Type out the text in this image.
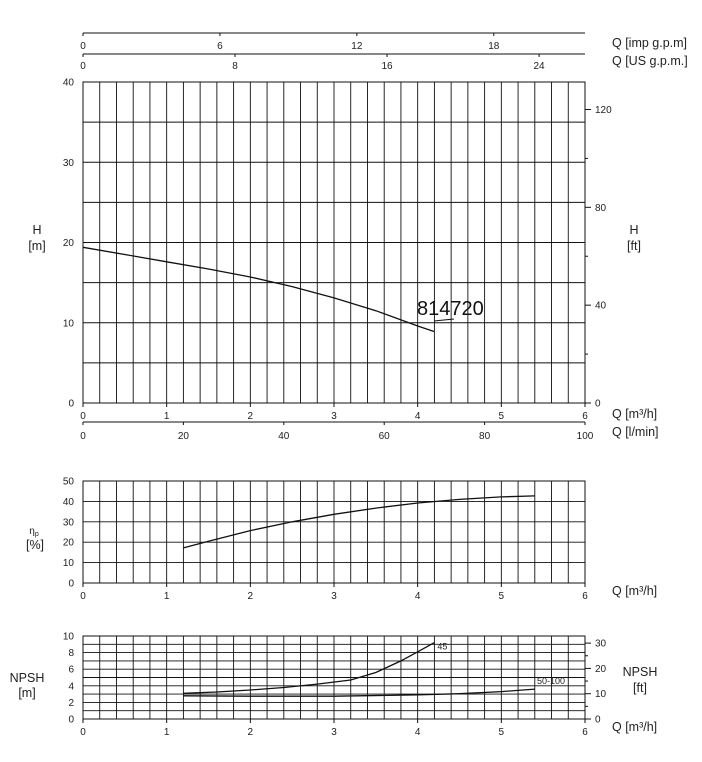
0	1	2	3	4	5	6
0
10
20
30
40
Q [m³/h]
0
40
80
120
H
[m]
H
[ft]
0	20	40	60	80	100 Q [l/min]
0	6	12	18
0	8	16	24
Q [imp g.p.m]
Q [US g.p.m.]
814720
0	1	2	3	4	5	6
0
10
20
30
40
50
Q [m³/h]
$\eta_p$
[%]
0	1	2	3	4	5	6
0
2
4
6
8
10
Q [m³/h]
0
10
20
30
NPSH
[m]
NPSH
[ft]
45
50-100
